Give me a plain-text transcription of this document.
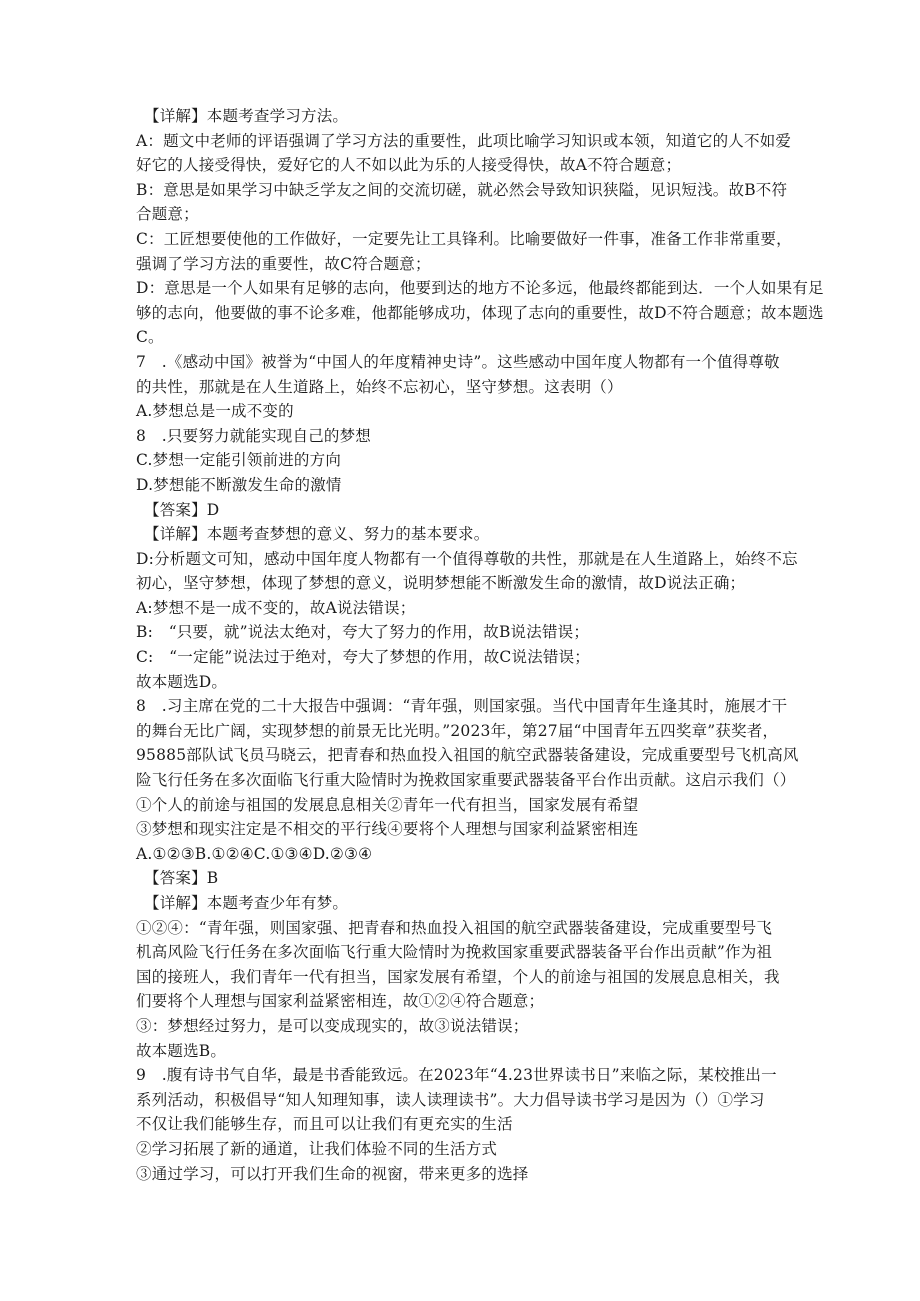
【详解】本题考查学习方法。
A：题文中老师的评语强调了学习方法的重要性，此项比喻学习知识或本领，知道它的人不如爱
好它的人接受得快，爱好它的人不如以此为乐的人接受得快，故A不符合题意；
B：意思是如果学习中缺乏学友之间的交流切磋，就必然会导致知识狭隘，见识短浅。故B不符
合题意；
C：工匠想要使他的工作做好，一定要先让工具锋利。比喻要做好一件事，准备工作非常重要，
强调了学习方法的重要性，故C符合题意；
D：意思是一个人如果有足够的志向，他要到达的地方不论多远，他最终都能到达．一个人如果有足
够的志向，他要做的事不论多难，他都能够成功，体现了志向的重要性，故D不符合题意；故本题选
C。
7　.《感动中国》被誉为“中国人的年度精神史诗”。这些感动中国年度人物都有一个值得尊敬
的共性，那就是在人生道路上，始终不忘初心，坚守梦想。这表明（）
A.梦想总是一成不变的
8　.只要努力就能实现自己的梦想
C.梦想一定能引领前进的方向
D.梦想能不断激发生命的激情
【答案】D
【详解】本题考查梦想的意义、努力的基本要求。
D:分析题文可知，感动中国年度人物都有一个值得尊敬的共性，那就是在人生道路上，始终不忘
初心，坚守梦想，体现了梦想的意义，说明梦想能不断激发生命的激情，故D说法正确；
A:梦想不是一成不变的，故A说法错误；
B:　“只要，就”说法太绝对，夸大了努力的作用，故B说法错误；
C:　“一定能”说法过于绝对，夸大了梦想的作用，故C说法错误；
故本题选D。
8　.习主席在党的二十大报告中强调：“青年强，则国家强。当代中国青年生逢其时，施展才干
的舞台无比广阔，实现梦想的前景无比光明。”2023年，第27届“中国青年五四奖章”获奖者，
95885部队试飞员马晓云，把青春和热血投入祖国的航空武器装备建设，完成重要型号飞机高风
险飞行任务在多次面临飞行重大险情时为挽救国家重要武器装备平台作出贡献。这启示我们（）
①个人的前途与祖国的发展息息相关②青年一代有担当，国家发展有希望
③梦想和现实注定是不相交的平行线④要将个人理想与国家利益紧密相连
A.①②③B.①②④C.①③④D.②③④
【答案】B
【详解】本题考查少年有梦。
①②④：“青年强，则国家强、把青春和热血投入祖国的航空武器装备建设，完成重要型号飞
机高风险飞行任务在多次面临飞行重大险情时为挽救国家重要武器装备平台作出贡献”作为祖
国的接班人，我们青年一代有担当，国家发展有希望，个人的前途与祖国的发展息息相关，我
们要将个人理想与国家利益紧密相连，故①②④符合题意；
③：梦想经过努力，是可以变成现实的，故③说法错误；
故本题选B。
9　.腹有诗书气自华，最是书香能致远。在2023年“4.23世界读书日”来临之际，某校推出一
系列活动，积极倡导“知人知理知事，读人读理读书”。大力倡导读书学习是因为（）①学习
不仅让我们能够生存，而且可以让我们有更充实的生活
②学习拓展了新的通道，让我们体验不同的生活方式
③通过学习，可以打开我们生命的视窗，带来更多的选择
